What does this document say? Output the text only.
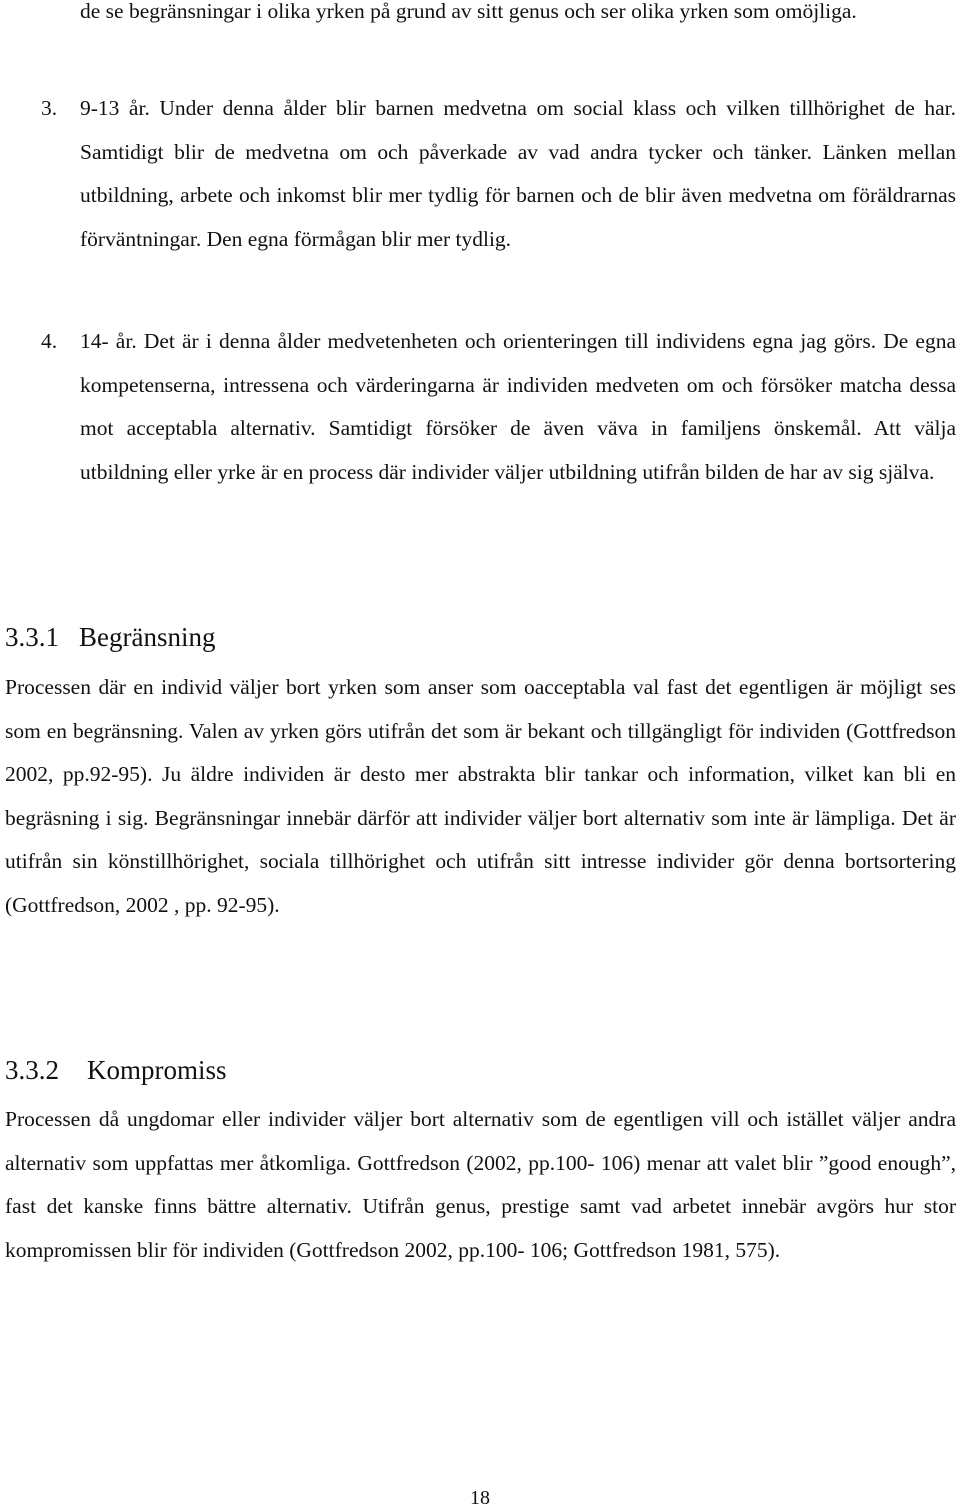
de se begränsningar i olika yrken på grund av sitt genus och ser olika yrken som omöjliga.
3. 9-13 år. Under denna ålder blir barnen medvetna om social klass och vilken tillhörighet de har. Samtidigt blir de medvetna om och påverkade av vad andra tycker och tänker. Länken mellan utbildning, arbete och inkomst blir mer tydlig för barnen och de blir även medvetna om föräldrarnas förväntningar. Den egna förmågan blir mer tydlig.
4. 14- år. Det är i denna ålder medvetenheten och orienteringen till individens egna jag görs. De egna kompetenserna, intressena och värderingarna är individen medveten om och försöker matcha dessa mot acceptabla alternativ. Samtidigt försöker de även väva in familjens önskemål. Att välja utbildning eller yrke är en process där individer väljer utbildning utifrån bilden de har av sig själva.
3.3.1 Begränsning
Processen där en individ väljer bort yrken som anser som oacceptabla val fast det egentligen är möjligt ses som en begränsning. Valen av yrken görs utifrån det som är bekant och tillgängligt för individen (Gottfredson 2002, pp.92-95). Ju äldre individen är desto mer abstrakta blir tankar och information, vilket kan bli en begräsning i sig. Begränsningar innebär därför att individer väljer bort alternativ som inte är lämpliga. Det är utifrån sin könstillhörighet, sociala tillhörighet och utifrån sitt intresse individer gör denna bortsortering (Gottfredson, 2002 , pp. 92-95).
3.3.2 Kompromiss
Processen då ungdomar eller individer väljer bort alternativ som de egentligen vill och istället väljer andra alternativ som uppfattas mer åtkomliga. Gottfredson (2002, pp.100- 106) menar att valet blir ”good enough”, fast det kanske finns bättre alternativ. Utifrån genus, prestige samt vad arbetet innebär avgörs hur stor kompromissen blir för individen (Gottfredson 2002, pp.100- 106; Gottfredson 1981, 575).
18
